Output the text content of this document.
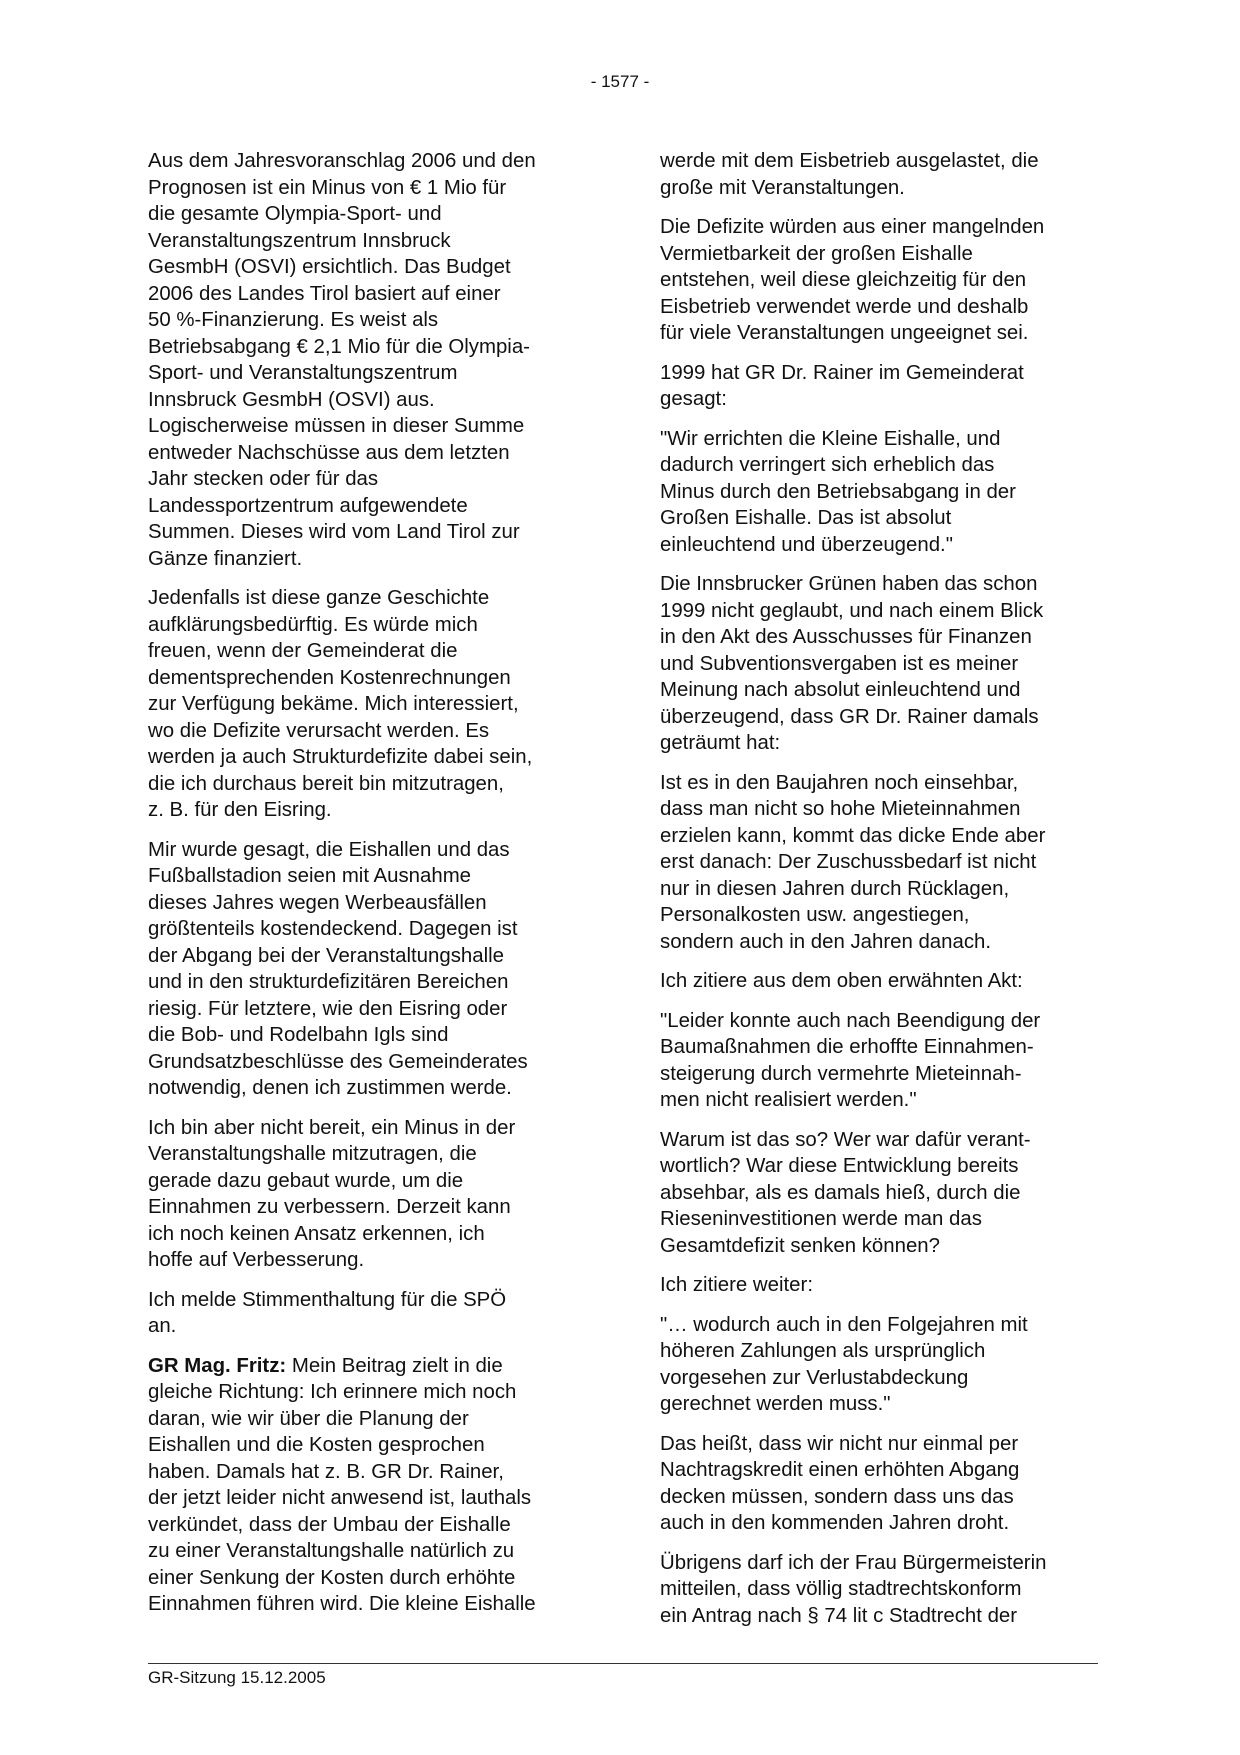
- 1577 -

Aus dem Jahresvoranschlag 2006 und den
Prognosen ist ein Minus von € 1 Mio für
die gesamte Olympia-Sport- und
Veranstaltungszentrum Innsbruck
GesmbH (OSVI) ersichtlich. Das Budget
2006 des Landes Tirol basiert auf einer
50 %-Finanzierung. Es weist als
Betriebsabgang € 2,1 Mio für die Olympia-
Sport- und Veranstaltungszentrum
Innsbruck GesmbH (OSVI) aus.
Logischerweise müssen in dieser Summe
entweder Nachschüsse aus dem letzten
Jahr stecken oder für das
Landessportzentrum aufgewendete
Summen. Dieses wird vom Land Tirol zur
Gänze finanziert.

Jedenfalls ist diese ganze Geschichte
aufklärungsbedürftig. Es würde mich
freuen, wenn der Gemeinderat die
dementsprechenden Kostenrechnungen
zur Verfügung bekäme. Mich interessiert,
wo die Defizite verursacht werden. Es
werden ja auch Strukturdefizite dabei sein,
die ich durchaus bereit bin mitzutragen,
z. B. für den Eisring.

Mir wurde gesagt, die Eishallen und das
Fußballstadion seien mit Ausnahme
dieses Jahres wegen Werbeausfällen
größtenteils kostendeckend. Dagegen ist
der Abgang bei der Veranstaltungshalle
und in den strukturdefizitären Bereichen
riesig. Für letztere, wie den Eisring oder
die Bob- und Rodelbahn Igls sind
Grundsatzbeschlüsse des Gemeinderates
notwendig, denen ich zustimmen werde.

Ich bin aber nicht bereit, ein Minus in der
Veranstaltungshalle mitzutragen, die
gerade dazu gebaut wurde, um die
Einnahmen zu verbessern. Derzeit kann
ich noch keinen Ansatz erkennen, ich
hoffe auf Verbesserung.

Ich melde Stimmenthaltung für die SPÖ
an.

GR Mag. Fritz: Mein Beitrag zielt in die
gleiche Richtung: Ich erinnere mich noch
daran, wie wir über die Planung der
Eishallen und die Kosten gesprochen
haben. Damals hat z. B. GR Dr. Rainer,
der jetzt leider nicht anwesend ist, lauthals
verkündet, dass der Umbau der Eishalle
zu einer Veranstaltungshalle natürlich zu
einer Senkung der Kosten durch erhöhte
Einnahmen führen wird. Die kleine Eishalle

werde mit dem Eisbetrieb ausgelastet, die
große mit Veranstaltungen.

Die Defizite würden aus einer mangelnden
Vermietbarkeit der großen Eishalle
entstehen, weil diese gleichzeitig für den
Eisbetrieb verwendet werde und deshalb
für viele Veranstaltungen ungeeignet sei.

1999 hat GR Dr. Rainer im Gemeinderat
gesagt:

"Wir errichten die Kleine Eishalle, und
dadurch verringert sich erheblich das
Minus durch den Betriebsabgang in der
Großen Eishalle. Das ist absolut
einleuchtend und überzeugend."

Die Innsbrucker Grünen haben das schon
1999 nicht geglaubt, und nach einem Blick
in den Akt des Ausschusses für Finanzen
und Subventionsvergaben ist es meiner
Meinung nach absolut einleuchtend und
überzeugend, dass GR Dr. Rainer damals
geträumt hat:

Ist es in den Baujahren noch einsehbar,
dass man nicht so hohe Mieteinnahmen
erzielen kann, kommt das dicke Ende aber
erst danach: Der Zuschussbedarf ist nicht
nur in diesen Jahren durch Rücklagen,
Personalkosten usw. angestiegen,
sondern auch in den Jahren danach.

Ich zitiere aus dem oben erwähnten Akt:

"Leider konnte auch nach Beendigung der
Baumaßnahmen die erhoffte Einnahmen-
steigerung durch vermehrte Mieteinnah-
men nicht realisiert werden."

Warum ist das so? Wer war dafür verant-
wortlich? War diese Entwicklung bereits
absehbar, als es damals hieß, durch die
Rieseninvestitionen werde man das
Gesamtdefizit senken können?

Ich zitiere weiter:

"… wodurch auch in den Folgejahren mit
höheren Zahlungen als ursprünglich
vorgesehen zur Verlustabdeckung
gerechnet werden muss."

Das heißt, dass wir nicht nur einmal per
Nachtragskredit einen erhöhten Abgang
decken müssen, sondern dass uns das
auch in den kommenden Jahren droht.

Übrigens darf ich der Frau Bürgermeisterin
mitteilen, dass völlig stadtrechtskonform
ein Antrag nach § 74 lit c Stadtrecht der

GR-Sitzung 15.12.2005
